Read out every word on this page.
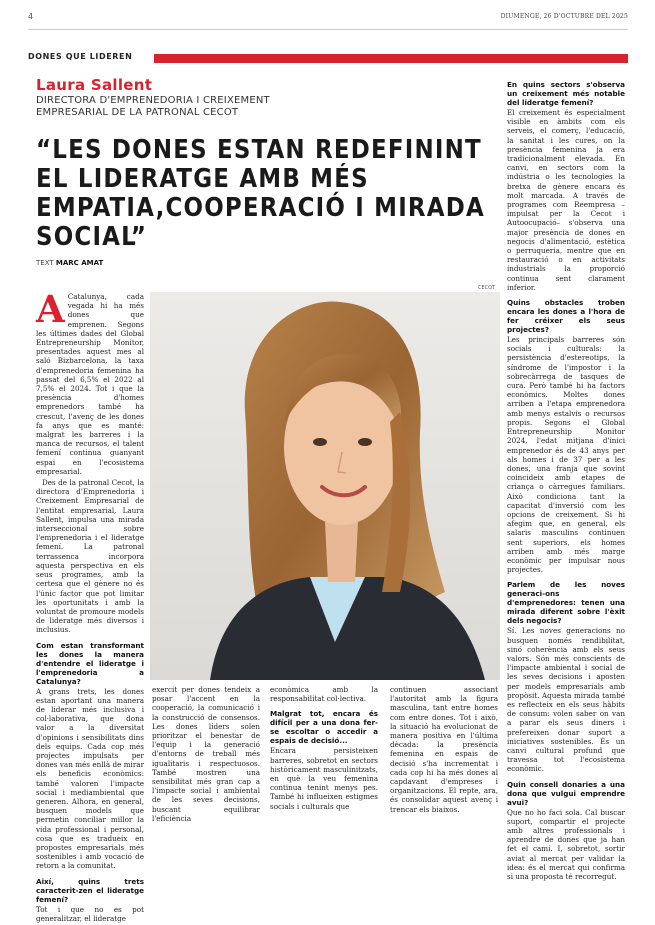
4	DIUMENGE, 26 D'OCTUBRE DEL 2025
DONES QUE LIDEREN
Laura Sallent
DIRECTORA D'EMPRENEDORIA I CREIXEMENT EMPRESARIAL DE LA PATRONAL CECOT
“LES DONES ESTAN REDEFININT EL LIDERATGE AMB MÉS EMPATIA,COOPERACIÓ I MIRADA SOCIAL”
TEXT MARC AMAT
CECOT

A Catalunya, cada vegada hi ha més dones que emprenen. Segons les últimes dades del Global Entrepreneurship Monitor, presentades aquest mes al saló Bizbarcelona, la taxa d'emprenedoria femenina ha passat del 6,5% el 2022 al 7,5% el 2024. Tot i que la presència d'homes emprenedors també ha crescut, l'avenç de les dones fa anys que es manté: malgrat les barreres i la manca de recursos, el talent femení continua guanyant espai en l'ecosistema empresarial.

Des de la patronal Cecot, la directora d'Emprenedoria i Creixement Empresarial de l'entitat empresarial, Laura Sallent, impulsa una mirada interseccional sobre l'emprenedoria i el lideratge femení. La patronal terrassenca incorpora aquesta perspectiva en els seus programes, amb la certesa que el gènere no és l'únic factor que pot limitar les oportunitats i amb la voluntat de promoure models de lideratge més diversos i inclusius.

Com estan transformant les dones la manera d'entendre el lideratge i l'emprenedoria a Catalunya?

A grans trets, les dones estan aportant una manera de liderar més inclusiva i col·laborativa, que dona valor a la diversitat d'opinions i sensibilitats dins dels equips. Cada cop més projectes impulsats per dones van més enllà de mirar els beneficis econòmics: també valoren l'impacte social i mediambiental que generen. Alhora, en general, busquen models que permetin conciliar millor la vida professional i personal, cosa que es tradueix en propostes empresarials més sostenibles i amb vocació de retorn a la comunitat.

Així, quins trets caracterit-zen el lideratge femení?

Tot i que no es pot generalitzar, el lideratge

exercit per dones tendeix a posar l'accent en la cooperació, la comunicació i la construcció de consensos. Les dones líders solen prioritzar el benestar de l'equip i la generació d'entorns de treball més igualitaris i respectuosos. També mostren una sensibilitat més gran cap a l'impacte social i ambiental de les seves decisions, buscant equilibrar l'eficiència

econòmica amb la responsabilitat col·lectiva.

Malgrat tot, encara és difícil per a una dona fer-se escoltar o accedir a espais de decisió...

Encara persisteixen barreres, sobretot en sectors històricament masculinitzats, en què la veu femenina continua tenint menys pes. També hi influeixen estigmes socials i culturals que

continuen associant l'autoritat amb la figura masculina, tant entre homes com entre dones. Tot i això, la situació ha evolucionat de manera positiva en l'última dècada: la presència femenina en espais de decisió s'ha incrementat i cada cop hi ha més dones al capdavant d'empreses i organitzacions. El repte, ara, és consolidar aquest avenç i trencar els biaixos.

En quins sectors s'observa un creixement més notable del lideratge femení?

El creixement és especialment visible en àmbits com els serveis, el comerç, l'educació, la sanitat i les cures, on la presència femenina ja era tradicionalment elevada. En canvi, en sectors com la indústria o les tecnologies la bretxa de gènere encara és molt marcada. A través de programes com Reempresa –impulsat per la Cecot i Autoocupació– s'observa una major presència de dones en negocis d'alimentació, estètica o perruqueria, mentre que en restauració o en activitats industrials la proporció continua sent clarament inferior.

Quins obstacles troben encara les dones a l'hora de fer créixer els seus projectes?

Les principals barreres són socials i culturals: la persistència d'estereotips, la síndrome de l'impostor i la sobrecàrrega de tasques de cura. Però també hi ha factors econòmics. Moltes dones arriben a l'etapa emprenedora amb menys estalvis o recursos propis. Segons el Global Entrepreneurship Monitor 2024, l'edat mitjana d'inici emprenedor és de 43 anys per als homes i de 37 per a les dones, una franja que sovint coincideix amb etapes de criança o càrregues familiars. Això condiciona tant la capacitat d'inversió com les opcions de creixement. Si hi afegim que, en general, els salaris masculins continuen sent superiors, els homes arriben amb més marge econòmic per impulsar nous projectes.

Parlem de les noves generaci-ons d'emprenedores: tenen una mirada diferent sobre l'èxit dels negocis?

Sí. Les noves generacions no busquen només rendibilitat, sinó coherència amb els seus valors. Són més conscients de l'impacte ambiental i social de les seves decisions i aposten per models empresarials amb propòsit. Aquesta mirada també es reflecteix en els seus hàbits de consum: volen saber on van a parar els seus diners i prefereixen donar suport a iniciatives sostenibles. És un canvi cultural profund que travessa tot l'ecosistema econòmic.

Quin consell donaries a una dona que vulgui emprendre avui?

Que no ho faci sola. Cal buscar suport, compartir el projecte amb altres professionals i aprendre de dones que ja han fet el camí. I, sobretot, sortir aviat al mercat per validar la idea: és el mercat qui confirma si una proposta té recorregut.
